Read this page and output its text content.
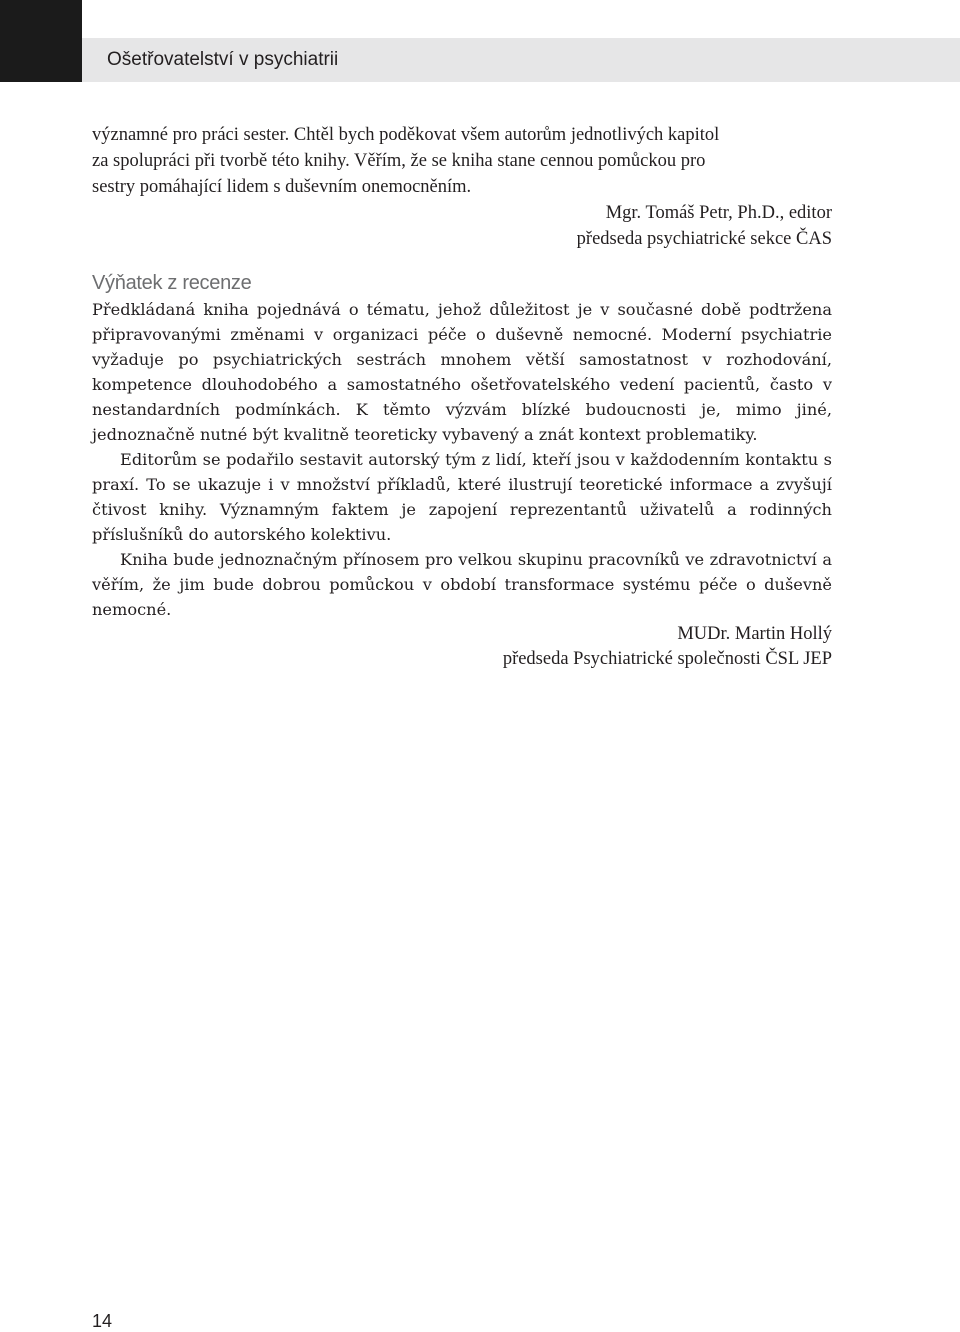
Ošetřovatelství v psychiatrii

významné pro práci sester. Chtěl bych poděkovat všem autorům jednotlivých kapitol

za spolupráci při tvorbě této knihy. Věřím, že se kniha stane cennou pomůckou pro

sestry pomáhající lidem s duševním onemocněním.

Mgr. Tomáš Petr, Ph.D., editor

předseda psychiatrické sekce ČAS

Výňatek z recenze

Předkládaná kniha pojednává o tématu, jehož důležitost je v současné době podtržena připravovanými změnami v organizaci péče o duševně nemocné. Moderní psychiatrie vyžaduje po psychiatrických sestrách mnohem větší samostatnost v rozhodování, kompetence dlouhodobého a samostatného ošetřovatelského vedení pacientů, často v nestandardních podmínkách. K těmto výzvám blízké budoucnosti je, mimo jiné, jednoznačně nutné být kvalitně teoreticky vybavený a znát kontext problematiky.

Editorům se podařilo sestavit autorský tým z lidí, kteří jsou v každodenním kontaktu s praxí. To se ukazuje i v množství příkladů, které ilustrují teoretické informace a zvyšují čtivost knihy. Významným faktem je zapojení reprezentantů uživatelů a rodinných příslušníků do autorského kolektivu.

Kniha bude jednoznačným přínosem pro velkou skupinu pracovníků ve zdravotnictví a věřím, že jim bude dobrou pomůckou v období transformace systému péče o duševně nemocné.

MUDr. Martin Hollý

předseda Psychiatrické společnosti ČSL JEP

14
